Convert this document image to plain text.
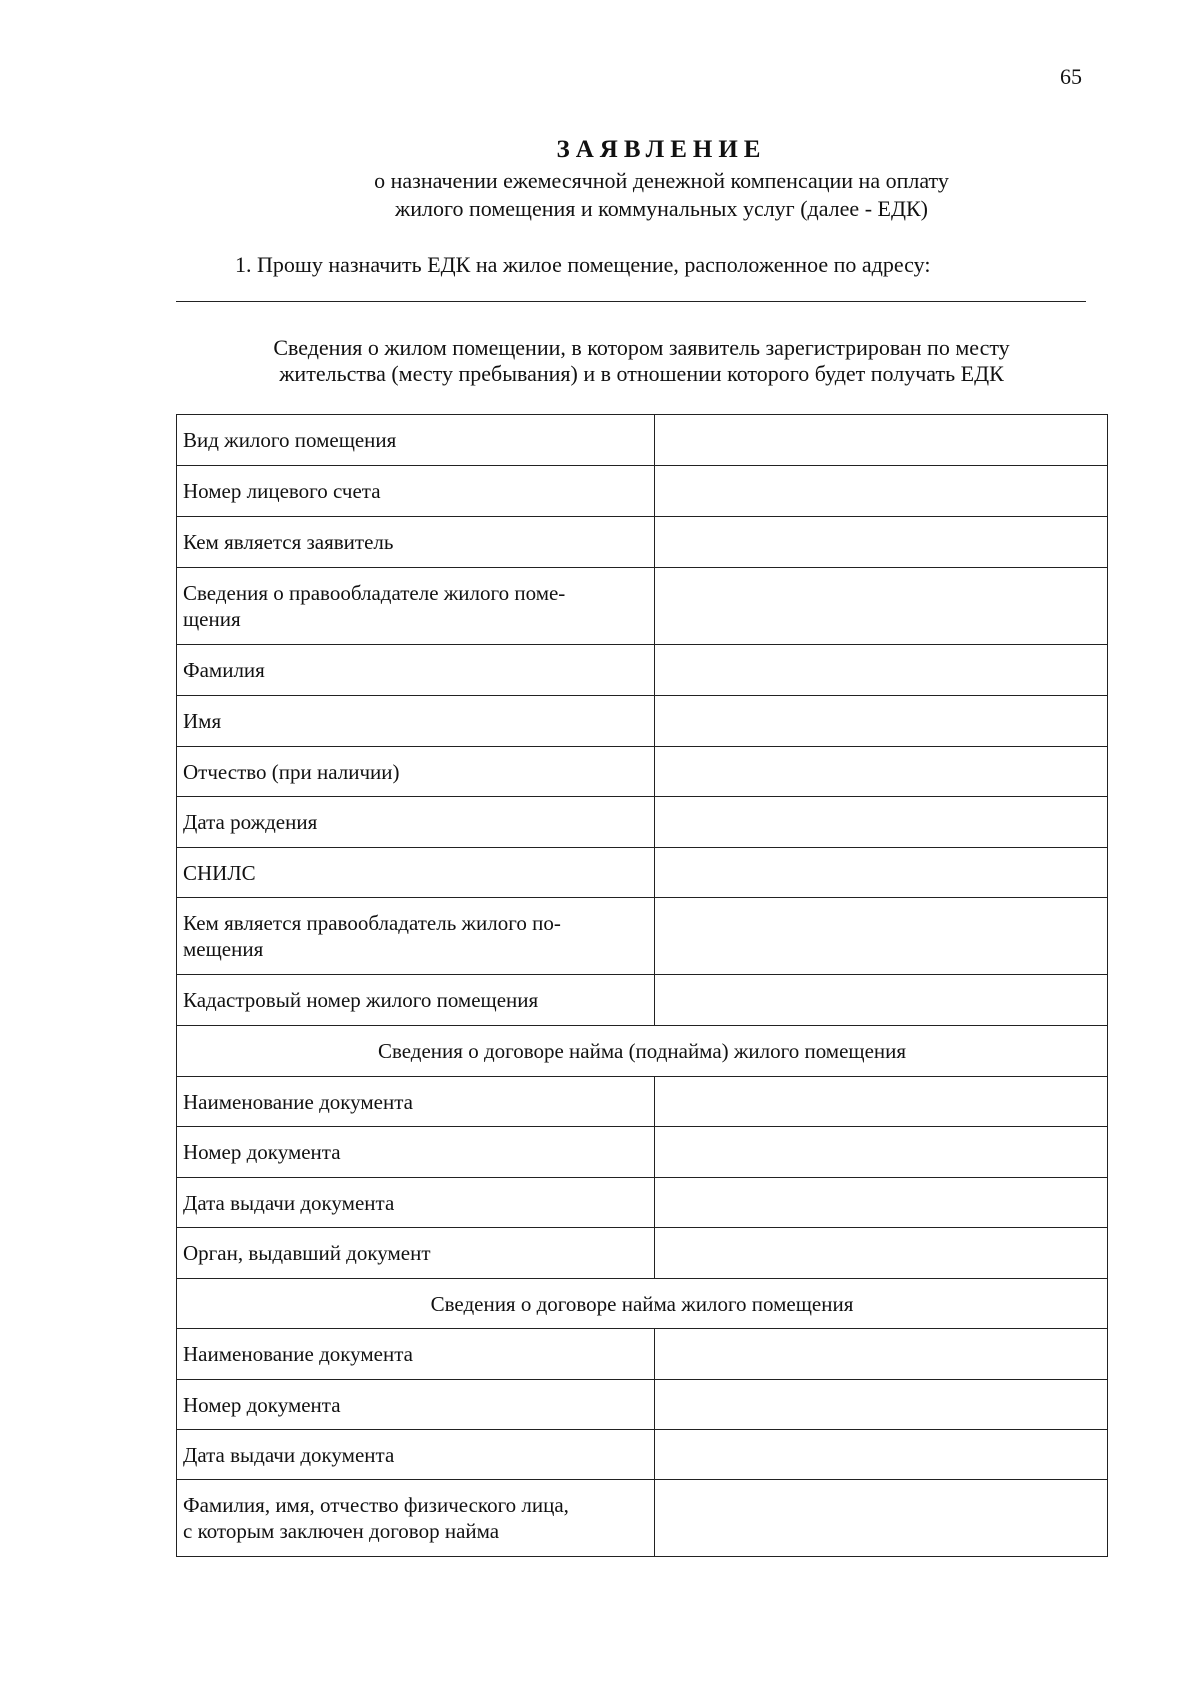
65
ЗАЯВЛЕНИЕ
о назначении ежемесячной денежной компенсации на оплату
жилого помещения и коммунальных услуг (далее - ЕДК)
1. Прошу назначить ЕДК на жилое помещение, расположенное по адресу:
Сведения о жилом помещении, в котором заявитель зарегистрирован по месту
жительства (месту пребывания) и в отношении которого будет получать ЕДК
Вид жилого помещения	
Номер лицевого счета	
Кем является заявитель	
Сведения о правообладателе жилого поме-
щения	
Фамилия	
Имя	
Отчество (при наличии)	
Дата рождения	
СНИЛС	
Кем является правообладатель жилого по-
мещения	
Кадастровый номер жилого помещения	
Сведения о договоре найма (поднайма) жилого помещения	
Наименование документа	
Номер документа	
Дата выдачи документа	
Орган, выдавший документ	
Сведения о договоре найма жилого помещения	
Наименование документа	
Номер документа	
Дата выдачи документа	
Фамилия, имя, отчество физического лица,
с которым заключен договор найма	
